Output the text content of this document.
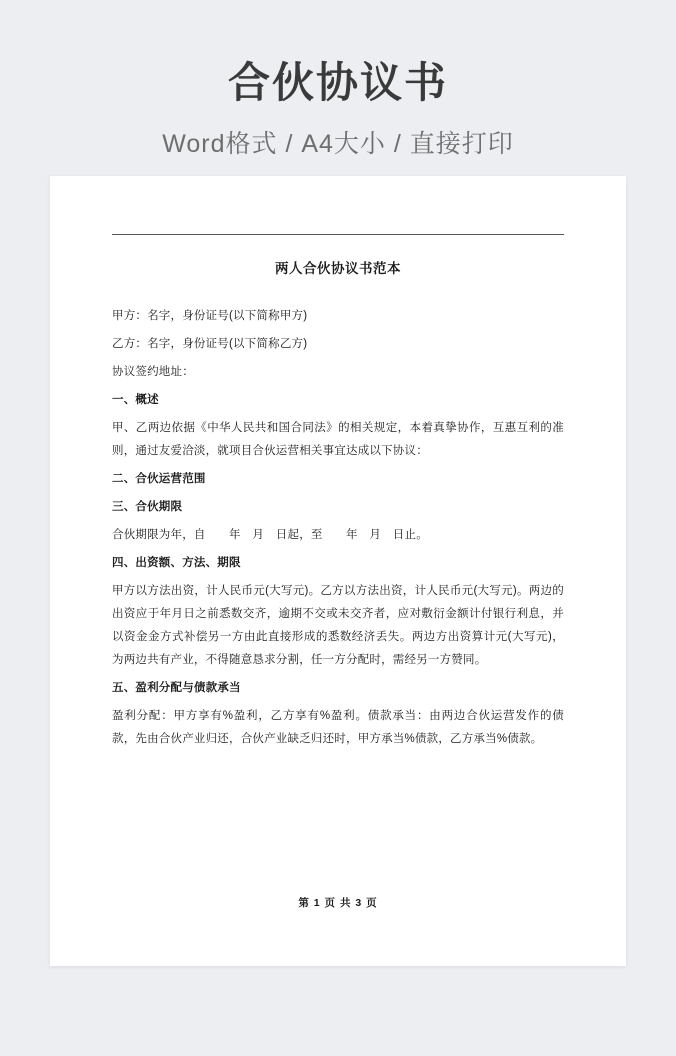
合伙协议书
Word格式 / A4大小 / 直接打印
两人合伙协议书范本
甲方：名字，身份证号(以下简称甲方)
乙方：名字，身份证号(以下简称乙方)
协议签约地址：
一、概述
甲、乙两边依据《中华人民共和国合同法》的相关规定，本着真挚协作，互惠互利的准则，通过友爱洽淡，就项目合伙运营相关事宜达成以下协议：
二、合伙运营范围
三、合伙期限
合伙期限为年，自　　年　月　日起，至　　年　月　日止。
四、出资额、方法、期限
甲方以方法出资，计人民币元(大写元)。乙方以方法出资，计人民币元(大写元)。两边的出资应于年月日之前悉数交齐，逾期不交或未交齐者，应对敷衍金额计付银行利息，并以资金金方式补偿另一方由此直接形成的悉数经济丢失。两边方出资算计元(大写元)，为两边共有产业，不得随意恳求分割，任一方分配时，需经另一方赞同。
五、盈利分配与债款承当
盈利分配：甲方享有%盈利，乙方享有%盈利。债款承当：由两边合伙运营发作的债款，先由合伙产业归还，合伙产业缺乏归还时，甲方承当%债款，乙方承当%债款。
第 1 页 共 3 页
